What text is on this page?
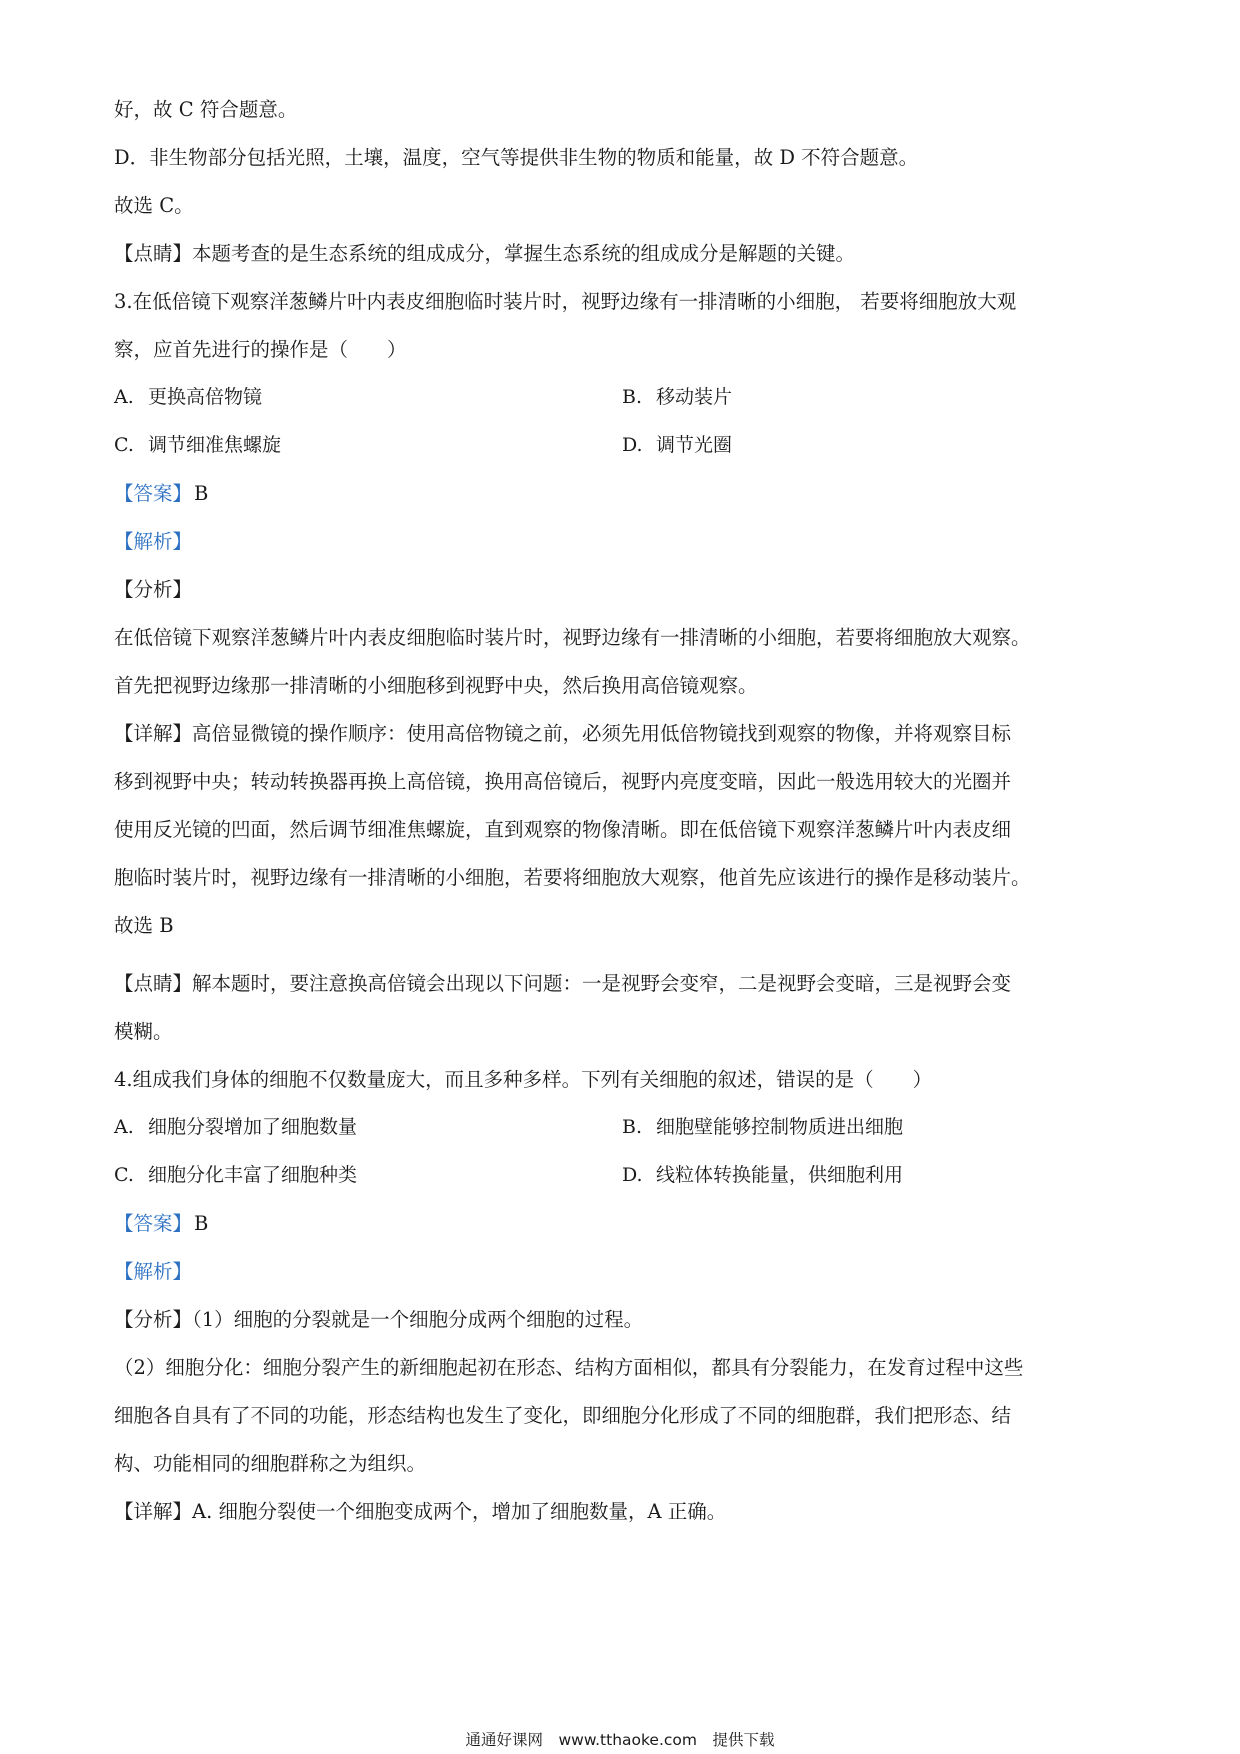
好，故 C 符合题意。
D．非生物部分包括光照，土壤，温度，空气等提供非生物的物质和能量，故 D 不符合题意。
故选 C。
【点睛】本题考查的是生态系统的组成成分，掌握生态系统的组成成分是解题的关键。
3.在低倍镜下观察洋葱鳞片叶内表皮细胞临时装片时，视野边缘有一排清晰的小细胞， 若要将细胞放大观
察，应首先进行的操作是（　　）
A. 更换高倍物镜	B. 移动装片
C. 调节细准焦螺旋	D. 调节光圈
【答案】 B
【解析】
【分析】
在低倍镜下观察洋葱鳞片叶内表皮细胞临时装片时，视野边缘有一排清晰的小细胞，若要将细胞放大观察。
首先把视野边缘那一排清晰的小细胞移到视野中央，然后换用高倍镜观察。
【详解】高倍显微镜的操作顺序：使用高倍物镜之前，必须先用低倍物镜找到观察的物像，并将观察目标
移到视野中央；转动转换器再换上高倍镜，换用高倍镜后，视野内亮度变暗，因此一般选用较大的光圈并
使用反光镜的凹面，然后调节细准焦螺旋，直到观察的物像清晰。即在低倍镜下观察洋葱鳞片叶内表皮细
胞临时装片时，视野边缘有一排清晰的小细胞，若要将细胞放大观察，他首先应该进行的操作是移动装片。
故选 B
【点睛】解本题时，要注意换高倍镜会出现以下问题：一是视野会变窄，二是视野会变暗，三是视野会变
模糊。
4.组成我们身体的细胞不仅数量庞大，而且多种多样。下列有关细胞的叙述，错误的是（　　）
A. 细胞分裂增加了细胞数量	B. 细胞壁能够控制物质进出细胞
C. 细胞分化丰富了细胞种类	D. 线粒体转换能量，供细胞利用
【答案】 B
【解析】
【分析】（1）细胞的分裂就是一个细胞分成两个细胞的过程。
（2）细胞分化：细胞分裂产生的新细胞起初在形态、结构方面相似，都具有分裂能力，在发育过程中这些
细胞各自具有了不同的功能，形态结构也发生了变化，即细胞分化形成了不同的细胞群，我们把形态、结
构、功能相同的细胞群称之为组织。
【详解】A. 细胞分裂使一个细胞变成两个，增加了细胞数量，A 正确。
通通好课网　www.tthaoke.com　提供下载
